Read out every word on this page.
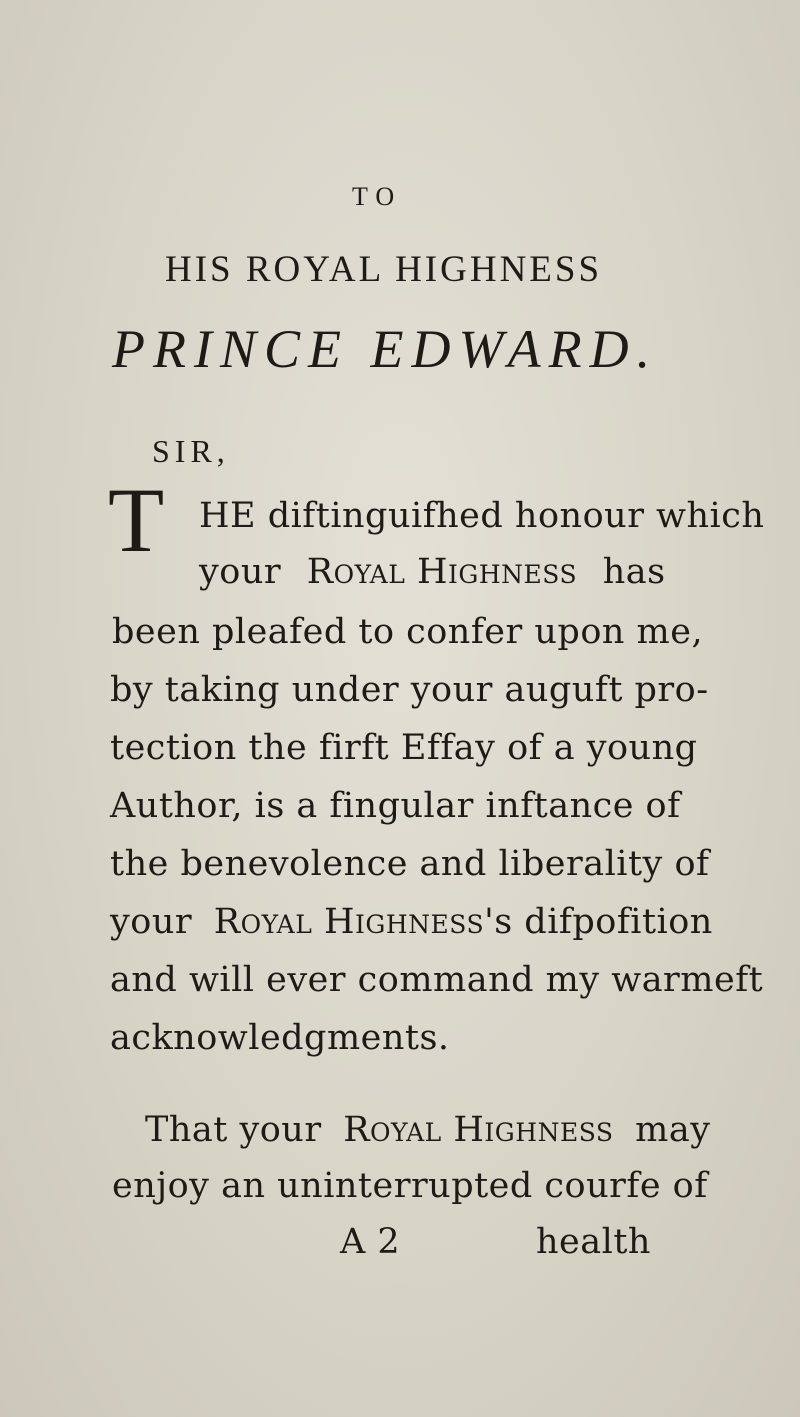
TO
HIS ROYAL HIGHNESS
PRINCE EDWARD.
SIR,
T HE diftinguifhed honour which
your Royal Highness has
been pleafed to confer upon me,
by taking under your auguft pro-
tection the firft Effay of a young
Author, is a fingular inftance of
the benevolence and liberality of
your Royal Highness's difpofition
and will ever command my warmeft
acknowledgments.
That your Royal Highness may
enjoy an uninterrupted courfe of
A 2	health
